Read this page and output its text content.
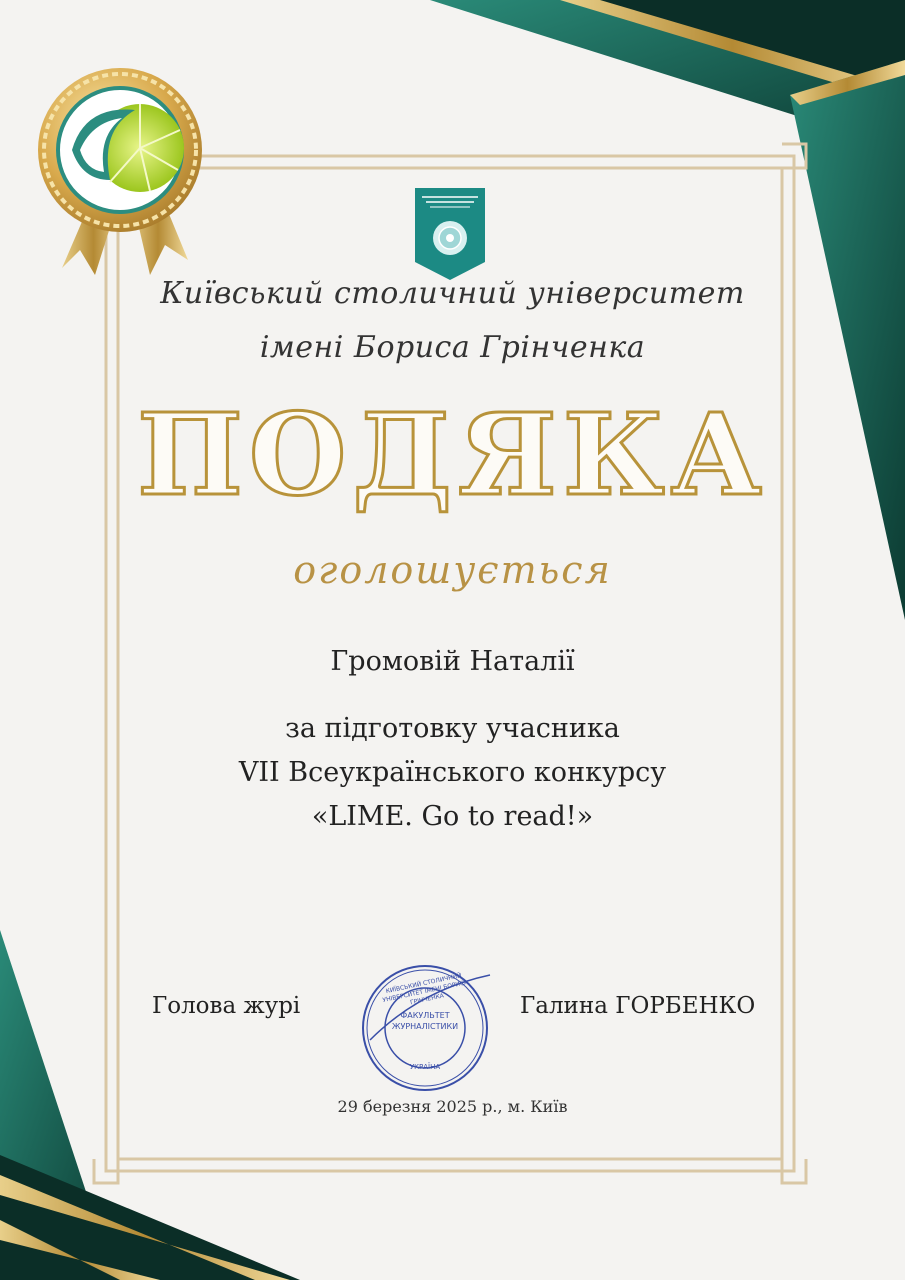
ФАКУЛЬТЕТ
ЖУРНАЛІСТИКИ
УКРАЇНА
КИЇВСЬКИЙ СТОЛИЧНИЙ УНІВЕРСИТЕТ ІМЕНІ БОРИСА ГРІНЧЕНКА
Київський столичний університет
імені Бориса Грінченка
ПОДЯКА
оголошується
Громовій Наталії
за підготовку учасника
VII Всеукраїнського конкурсу
«LIME. Go to read!»
Голова журі	Галина ГОРБЕНКО
29 березня 2025 р., м. Київ
